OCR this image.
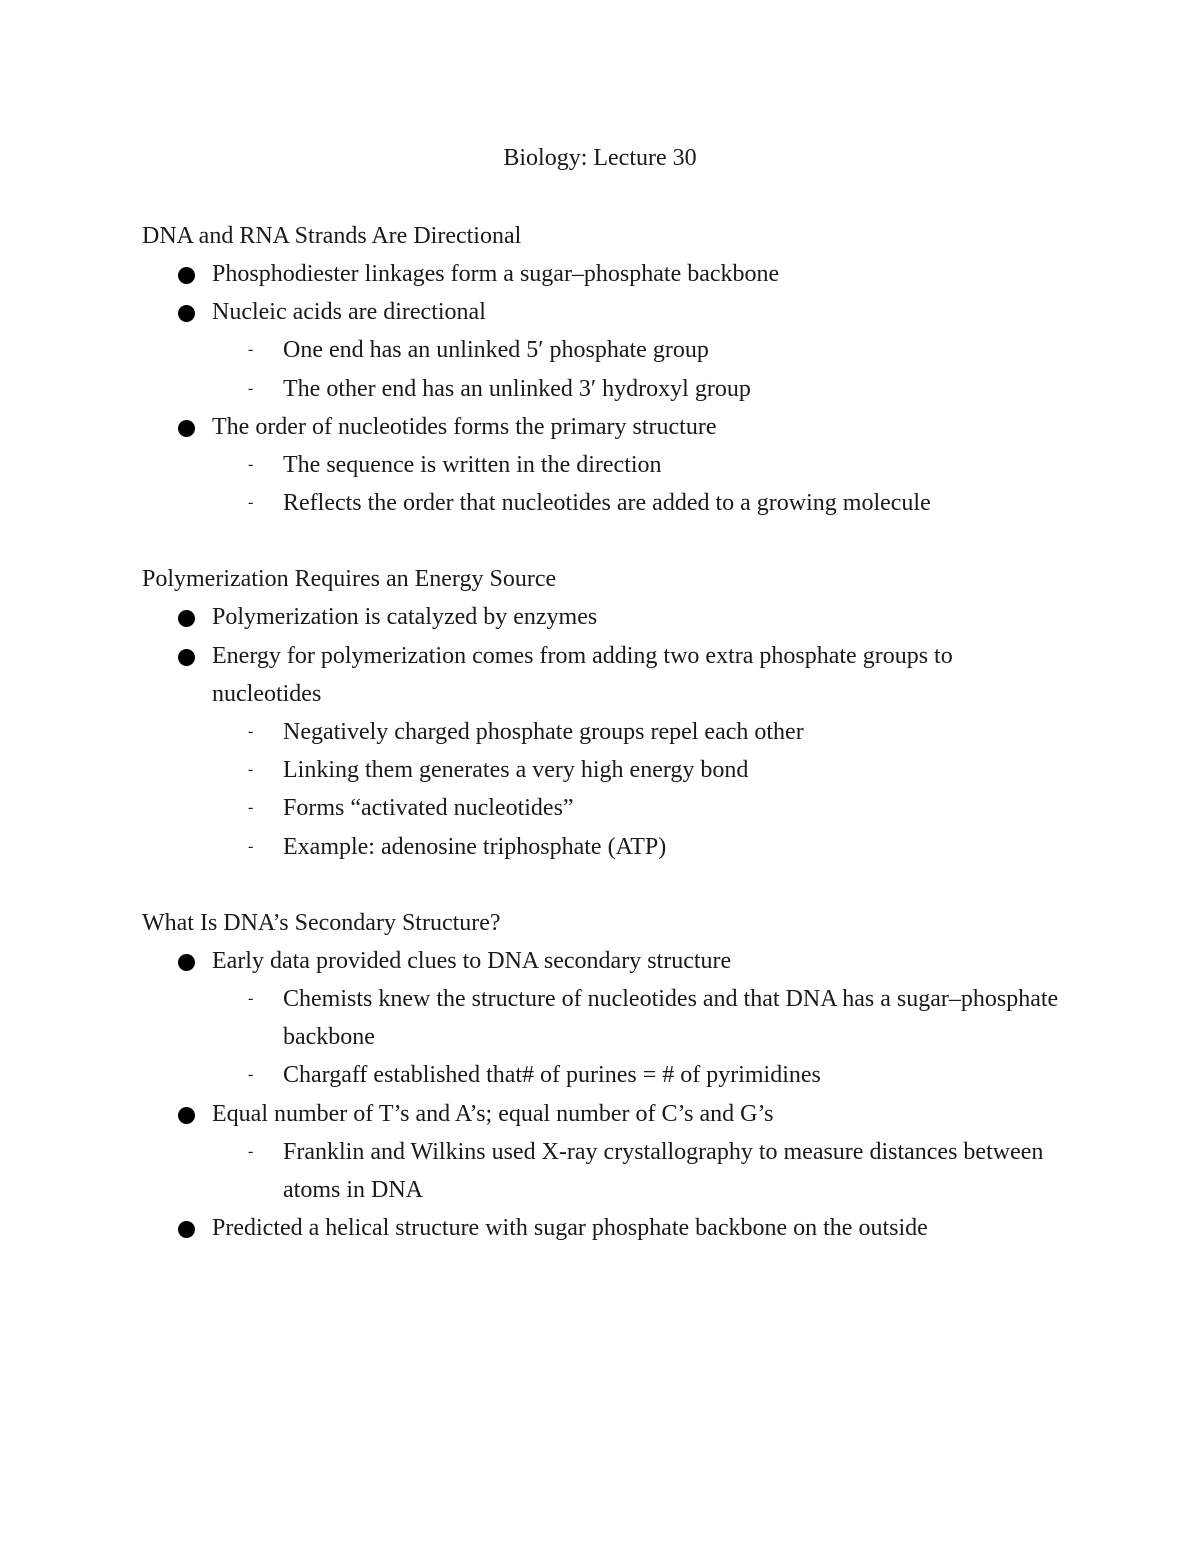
Biology: Lecture 30
DNA and RNA Strands Are Directional
Phosphodiester linkages form a sugar–phosphate backbone
Nucleic acids are directional
- One end has an unlinked 5′ phosphate group
- The other end has an unlinked 3′ hydroxyl group
The order of nucleotides forms the primary structure
- The sequence is written in the direction
- Reflects the order that nucleotides are added to a growing molecule
Polymerization Requires an Energy Source
Polymerization is catalyzed by enzymes
Energy for polymerization comes from adding two extra phosphate groups to nucleotides
- Negatively charged phosphate groups repel each other
- Linking them generates a very high energy bond
- Forms “activated nucleotides”
- Example: adenosine triphosphate (ATP)
What Is DNA’s Secondary Structure?
Early data provided clues to DNA secondary structure
- Chemists knew the structure of nucleotides and that DNA has a sugar–phosphate backbone
- Chargaff established that# of purines = # of pyrimidines
Equal number of T’s and A’s; equal number of C’s and G’s
- Franklin and Wilkins used X-ray crystallography to measure distances between atoms in DNA
Predicted a helical structure with sugar phosphate backbone on the outside
